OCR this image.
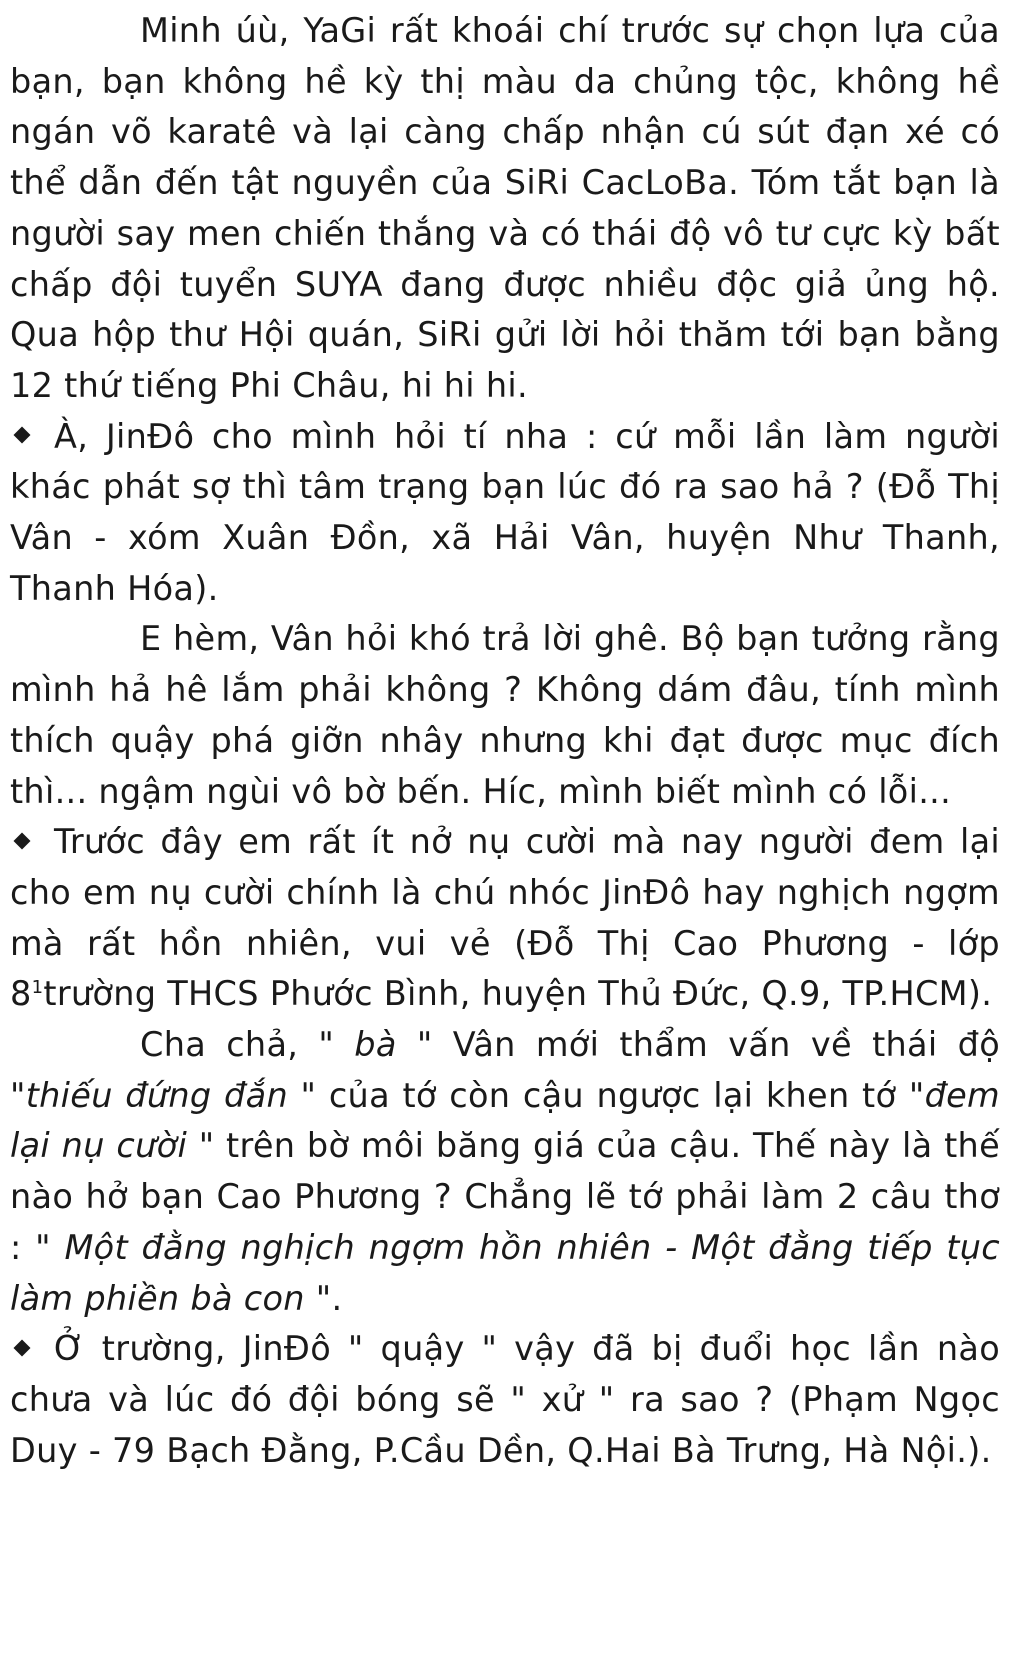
Minh úù, YaGi rất khoái chí trước sự chọn lựa của bạn, bạn không hề kỳ thị màu da chủng tộc, không hề ngán võ karatê và lại càng chấp nhận cú sút đạn xé có thể dẫn đến tật nguyền của SiRi CacLoBa. Tóm tắt bạn là người say men chiến thắng và có thái độ vô tư cực kỳ bất chấp đội tuyển SUYA đang được nhiều độc giả ủng hộ. Qua hộp thư Hội quán, SiRi gửi lời hỏi thăm tới bạn bằng 12 thứ tiếng Phi Châu, hi hi hi.

À, JinĐô cho mình hỏi tí nha : cứ mỗi lần làm người khác phát sợ thì tâm trạng bạn lúc đó ra sao hả ? (Đỗ Thị Vân - xóm Xuân Đồn, xã Hải Vân, huyện Như Thanh, Thanh Hóa).

E hèm, Vân hỏi khó trả lời ghê. Bộ bạn tưởng rằng mình hả hê lắm phải không ? Không dám đâu, tính mình thích quậy phá giỡn nhây nhưng khi đạt được mục đích thì... ngậm ngùi vô bờ bến. Híc, mình biết mình có lỗi...

Trước đây em rất ít nở nụ cười mà nay người đem lại cho em nụ cười chính là chú nhóc JinĐô hay nghịch ngợm mà rất hồn nhiên, vui vẻ (Đỗ Thị Cao Phương - lớp $8^1trường$ THCS Phước Bình, huyện Thủ Đức, Q.9, TP.HCM).

Cha chả, " bà " Vân mới thẩm vấn về thái độ "thiếu đứng đắn " của tớ còn cậu ngược lại khen tớ "đem lại nụ cười " trên bờ môi băng giá của cậu. Thế này là thế nào hở bạn Cao Phương ? Chẳng lẽ tớ phải làm 2 câu thơ : " Một đằng nghịch ngợm hồn nhiên - Một đằng tiếp tục làm phiền bà con ".

Ở trường, JinĐô " quậy " vậy đã bị đuổi học lần nào chưa và lúc đó đội bóng sẽ " xử " ra sao ? (Phạm Ngọc Duy - 79 Bạch Đằng, P.Cầu Dền, Q.Hai Bà Trưng, Hà Nội.).
